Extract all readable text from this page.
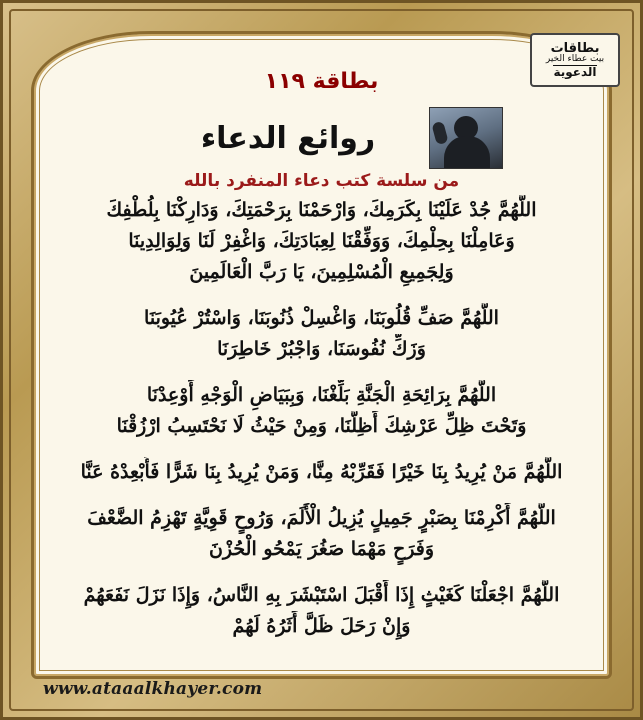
بطاقات
بيت عطاء الخير
الدعوية
بطاقة ١١٩
روائع الدعاء
من سلسة كتب دعاء المنفرد بالله
اللَّهُمَّ جُدْ عَلَيْنَا بِكَرَمِكَ، وَارْحَمْنَا بِرَحْمَتِكَ، وَدَارِكْنَا بِلُطْفِكَ
وَعَامِلْنَا بِحِلْمِكَ، وَوَفِّقْنَا لِعِبَادَتِكَ، وَاغْفِرْ لَنَا وَلِوَالِدِينَا
وَلِجَمِيعِ الْمُسْلِمِينَ، يَا رَبَّ الْعَالَمِينَ
اللَّهُمَّ صَفِّ قُلُوبَنَا، وَاغْسِلْ ذُنُوبَنَا، وَاسْتُرْ عُيُوبَنَا
وَزَكِّ نُفُوسَنَا، وَاجْبُرْ خَاطِرَنَا
اللَّهُمَّ بِرَائِحَةِ الْجَنَّةِ بَلِّغْنَا، وَبِبَيَاضِ الْوَجْهِ أَوْعِدْنَا
وَتَحْتَ ظِلِّ عَرْشِكَ أَظِلَّنَا، وَمِنْ حَيْثُ لَا نَحْتَسِبُ ارْزُقْنَا
اللَّهُمَّ مَنْ يُرِيدُ بِنَا خَيْرًا فَقَرِّبْهُ مِنَّا، وَمَنْ يُرِيدُ بِنَا شَرًّا فَأَبْعِدْهُ عَنَّا
اللَّهُمَّ أَكْرِمْنَا بِصَبْرٍ جَمِيلٍ يُزِيلُ الْأَلَمَ، وَرُوحٍ قَوِيَّةٍ تَهْزِمُ الضَّعْفَ
وَفَرَحٍ مَهْمَا صَغُرَ يَمْحُو الْحُزْنَ
اللَّهُمَّ اجْعَلْنَا كَغَيْثٍ إِذَا أَقْبَلَ اسْتَبْشَرَ بِهِ النَّاسُ، وَإِذَا نَزَلَ نَفَعَهُمْ
وَإِنْ رَحَلَ ظَلَّ أَثَرُهُ لَهُمْ
www.ataaalkhayer.com
